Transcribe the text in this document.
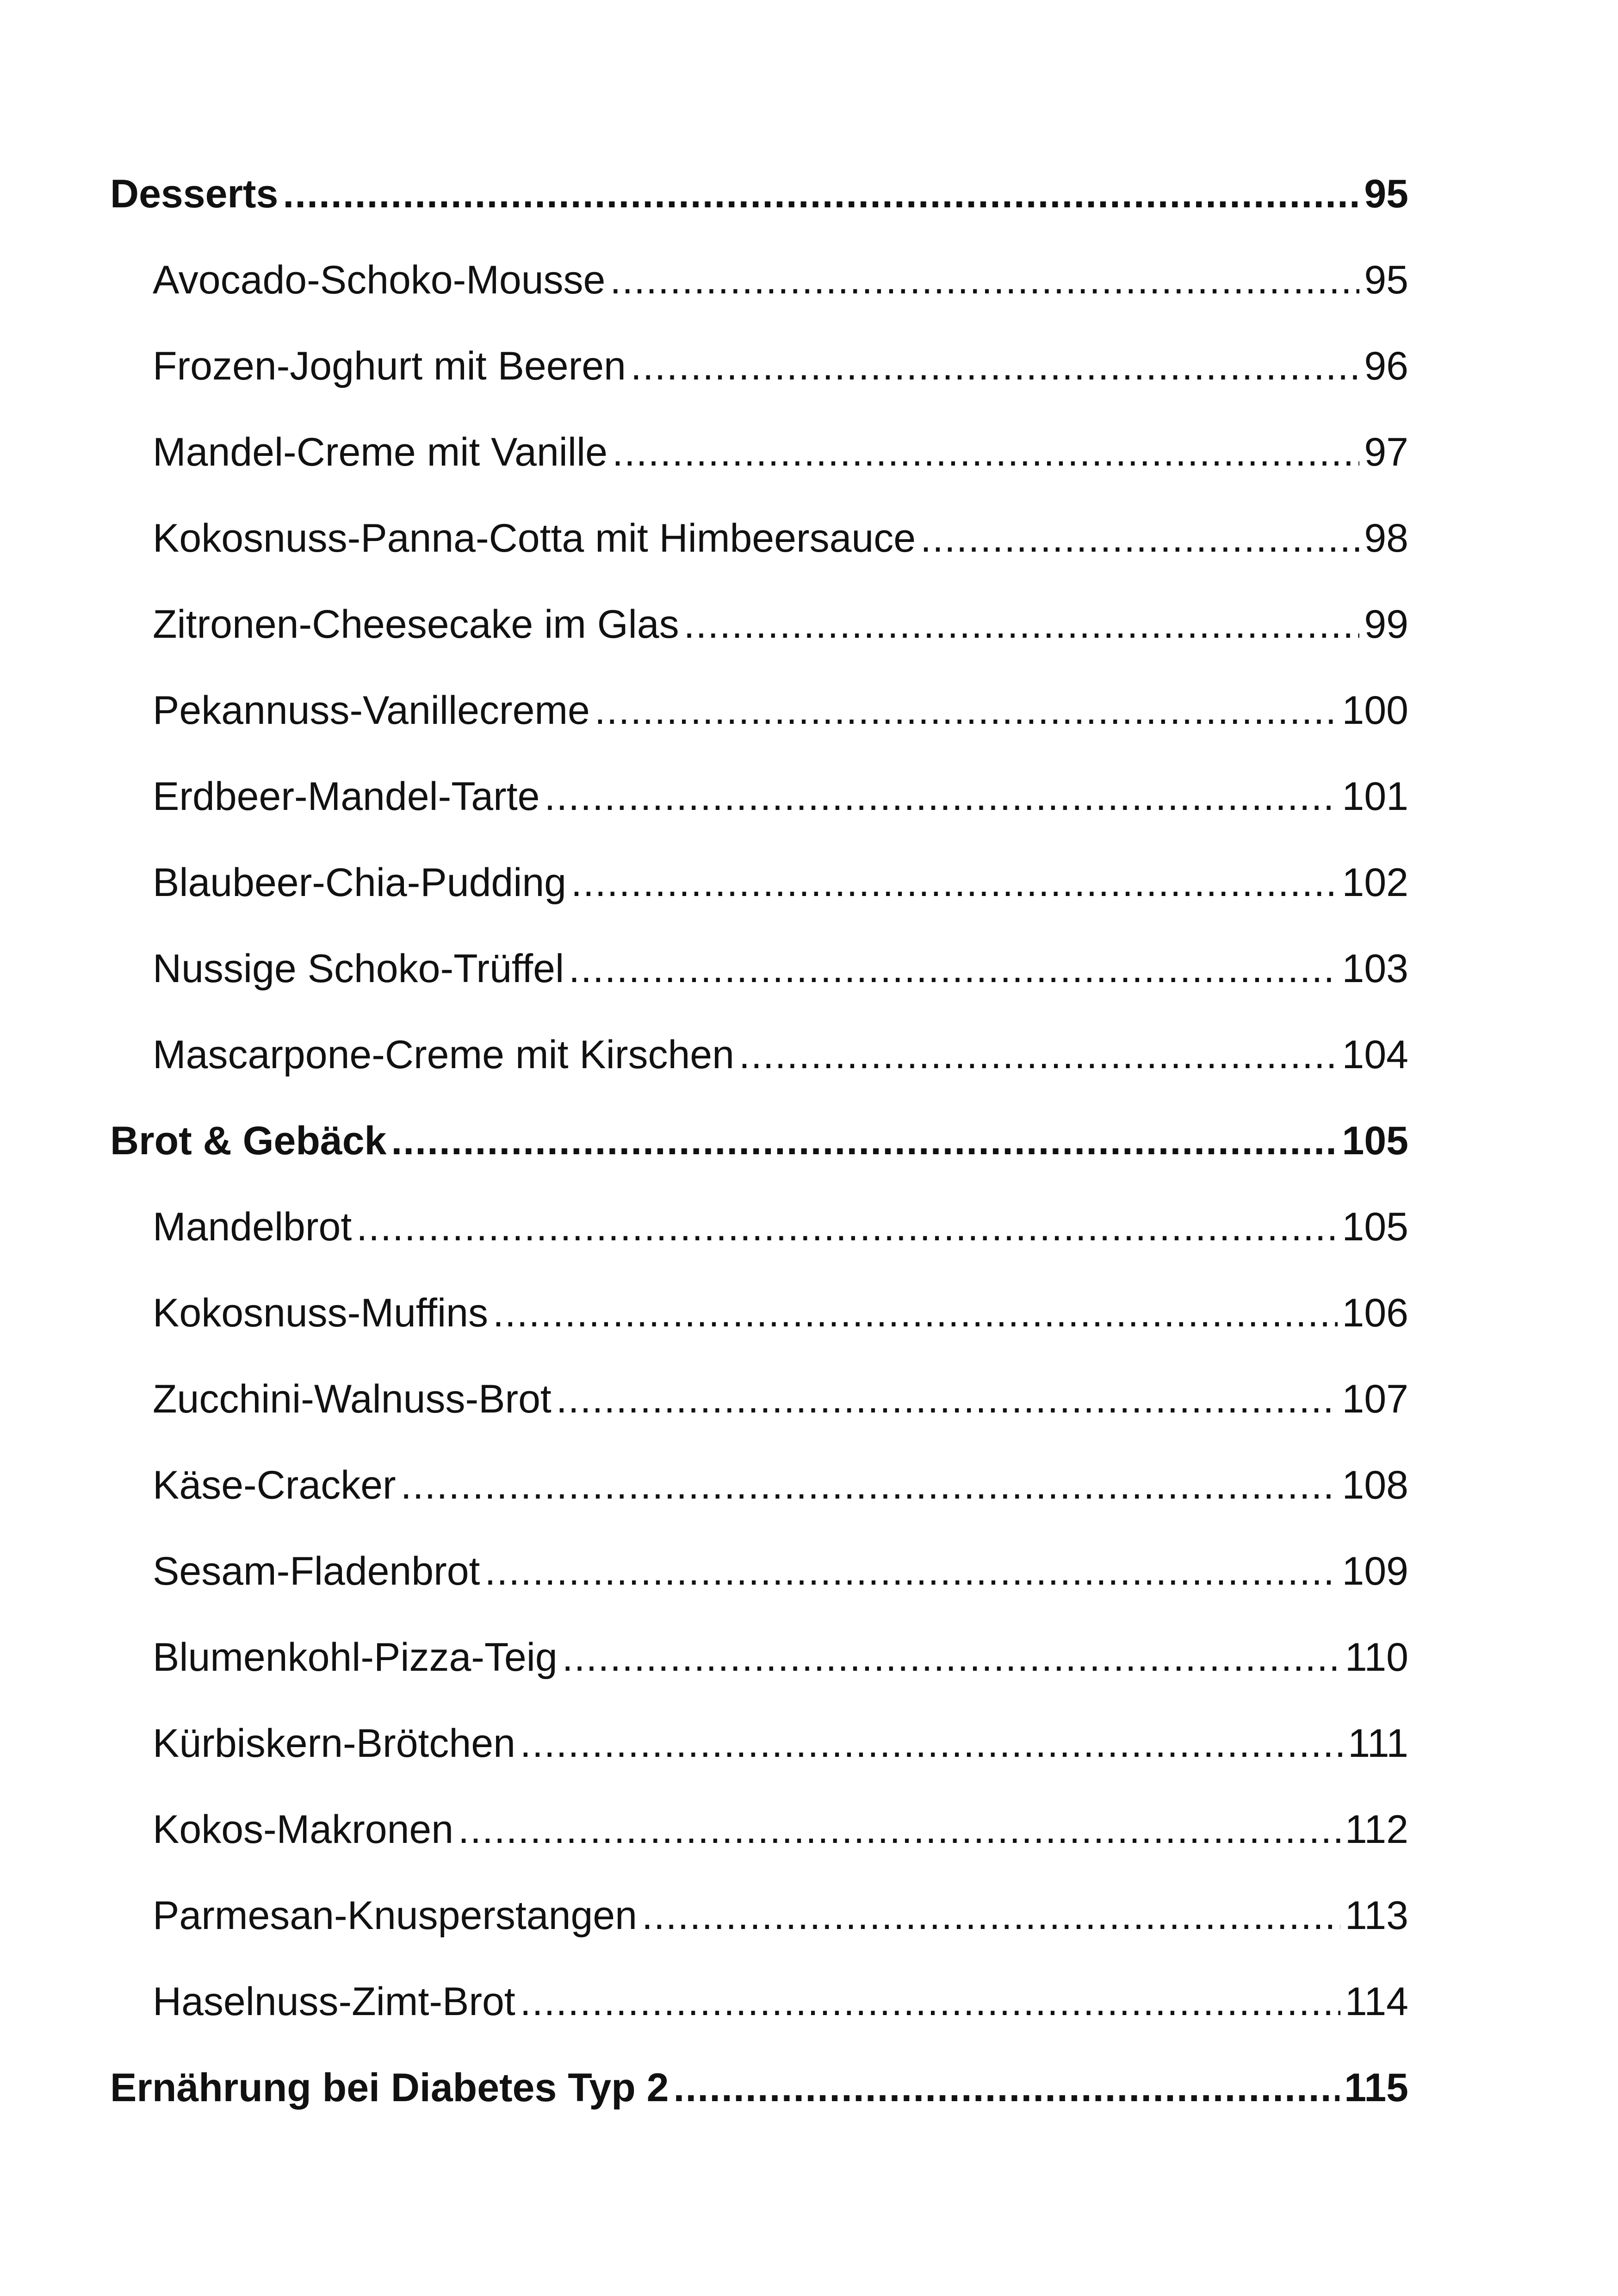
Desserts .....	95
Avocado-Schoko-Mousse .....	95
Frozen-Joghurt mit Beeren .....	96
Mandel-Creme mit Vanille .....	97
Kokosnuss-Panna-Cotta mit Himbeersauce .....	98
Zitronen-Cheesecake im Glas .....	99
Pekannuss-Vanillecreme .....	100
Erdbeer-Mandel-Tarte .....	101
Blaubeer-Chia-Pudding .....	102
Nussige Schoko-Trüffel .....	103
Mascarpone-Creme mit Kirschen .....	104
Brot & Gebäck .....	105
Mandelbrot .....	105
Kokosnuss-Muffins .....	106
Zucchini-Walnuss-Brot .....	107
Käse-Cracker .....	108
Sesam-Fladenbrot .....	109
Blumenkohl-Pizza-Teig .....	110
Kürbiskern-Brötchen .....	111
Kokos-Makronen .....	112
Parmesan-Knusperstangen .....	113
Haselnuss-Zimt-Brot .....	114
Ernährung bei Diabetes Typ 2 .....	115
